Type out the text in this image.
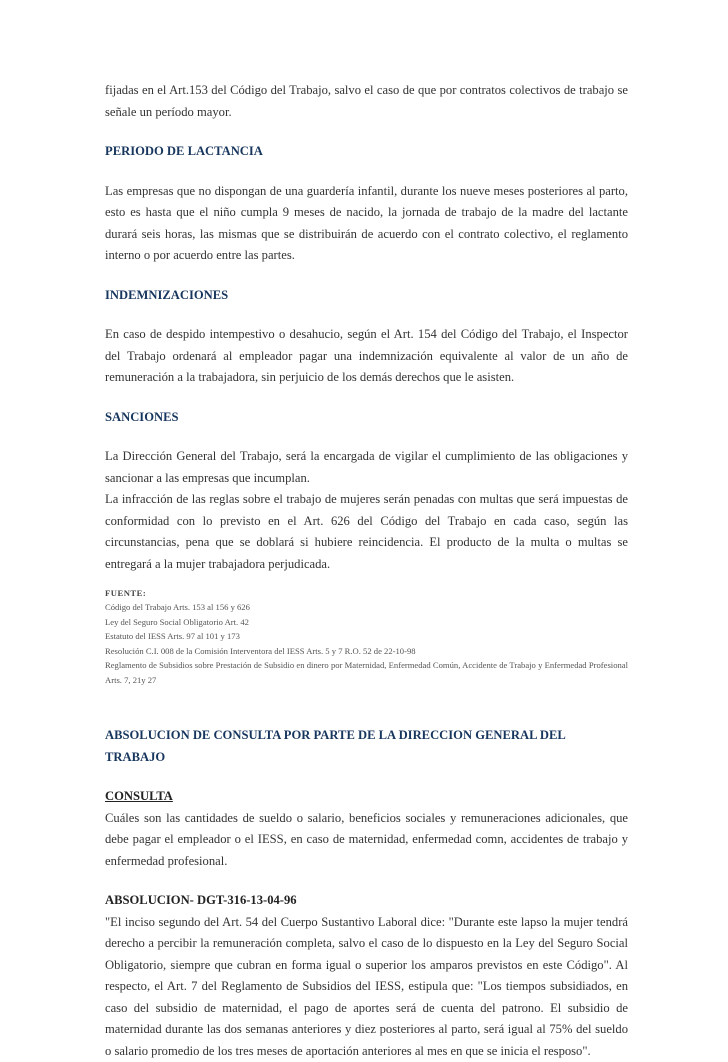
fijadas en el Art.153 del Código del Trabajo, salvo el caso de que por contratos colectivos de trabajo se señale un período mayor.

PERIODO DE LACTANCIA

Las empresas que no dispongan de una guardería infantil, durante los nueve meses posteriores al parto, esto es hasta que el niño cumpla 9 meses de nacido, la jornada de trabajo de la madre del lactante durará seis horas, las mismas que se distribuirán de acuerdo con el contrato colectivo, el reglamento interno o por acuerdo entre las partes.

INDEMNIZACIONES

En caso de despido intempestivo o desahucio, según el Art. 154 del Código del Trabajo, el Inspector del Trabajo ordenará al empleador pagar una indemnización equivalente al valor de un año de remuneración a la trabajadora, sin perjuicio de los demás derechos que le asisten.

SANCIONES

La Dirección General del Trabajo, será la encargada de vigilar el cumplimiento de las obligaciones y sancionar a las empresas que incumplan.

La infracción de las reglas sobre el trabajo de mujeres serán penadas con multas que será impuestas de conformidad con lo previsto en el Art. 626 del Código del Trabajo en cada caso, según las circunstancias, pena que se doblará si hubiere reincidencia. El producto de la multa o multas se entregará a la mujer trabajadora perjudicada.

FUENTE:

Código del Trabajo Arts. 153 al 156 y 626

Ley del Seguro Social Obligatorio Art. 42

Estatuto del IESS Arts. 97 al 101 y 173

Resolución C.I. 008 de la Comisión Interventora del IESS Arts. 5 y 7 R.O. 52 de 22-10-98

Reglamento de Subsidios sobre Prestación de Subsidio en dinero por Maternidad, Enfermedad Común, Accidente de Trabajo y Enfermedad Profesional Arts. 7, 21y 27

ABSOLUCION DE CONSULTA POR PARTE DE LA DIRECCION GENERAL DEL TRABAJO
CONSULTA

Cuáles son las cantidades de sueldo o salario, beneficios sociales y remuneraciones adicionales, que debe pagar el empleador o el IESS, en caso de maternidad, enfermedad comn, accidentes de trabajo y enfermedad profesional.

ABSOLUCION- DGT-316-13-04-96

"El inciso segundo del Art. 54 del Cuerpo Sustantivo Laboral dice: "Durante este lapso la mujer tendrá derecho a percibir la remuneración completa, salvo el caso de lo dispuesto en la Ley del Seguro Social Obligatorio, siempre que cubran en forma igual o superior los amparos previstos en este Código". Al respecto, el Art. 7 del Reglamento de Subsidios del IESS, estipula que: "Los tiempos subsidiados, en caso del subsidio de maternidad, el pago de aportes será de cuenta del patrono. El subsidio de maternidad durante las dos semanas anteriores y diez posteriores al parto, será igual al 75% del sueldo o salario promedio de los tres meses de aportación anteriores al mes en que se inicia el resposo".
